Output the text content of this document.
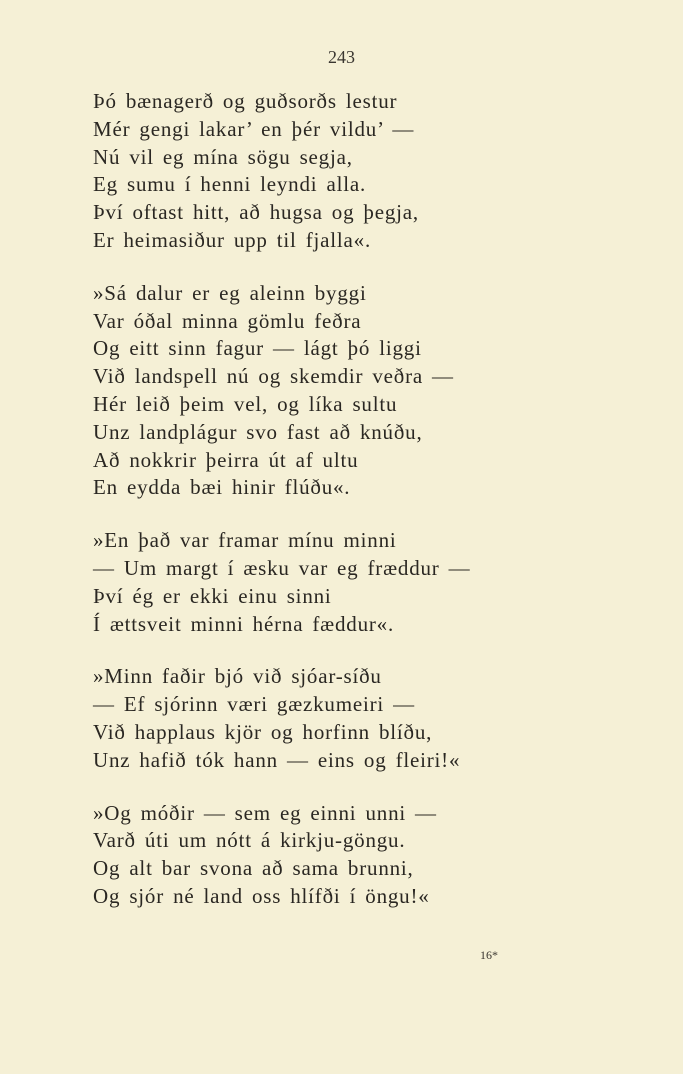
243
Þó bænagerð og guðsorðs lestur
Mér gengi lakar’ en þér vildu’ —
Nú vil eg mína sögu segja,
Eg sumu í henni leyndi alla.
Því oftast hitt, að hugsa og þegja,
Er heimasiður upp til fjalla«.
»Sá dalur er eg aleinn byggi
Var óðal minna gömlu feðra
Og eitt sinn fagur — lágt þó liggi
Við landspell nú og skemdir veðra —
Hér leið þeim vel, og líka sultu
Unz landplágur svo fast að knúðu,
Að nokkrir þeirra út af ultu
En eydda bæi hinir flúðu«.
»En það var framar mínu minni
— Um margt í æsku var eg fræddur —
Því ég er ekki einu sinni
Í ættsveit minni hérna fæddur«.
»Minn faðir bjó við sjóar-síðu
— Ef sjórinn væri gæzkumeiri —
Við happlaus kjör og horfinn blíðu,
Unz hafið tók hann — eins og fleiri!«
»Og móðir — sem eg einni unni —
Varð úti um nótt á kirkju-göngu.
Og alt bar svona að sama brunni,
Og sjór né land oss hlífði í öngu!«
16*
